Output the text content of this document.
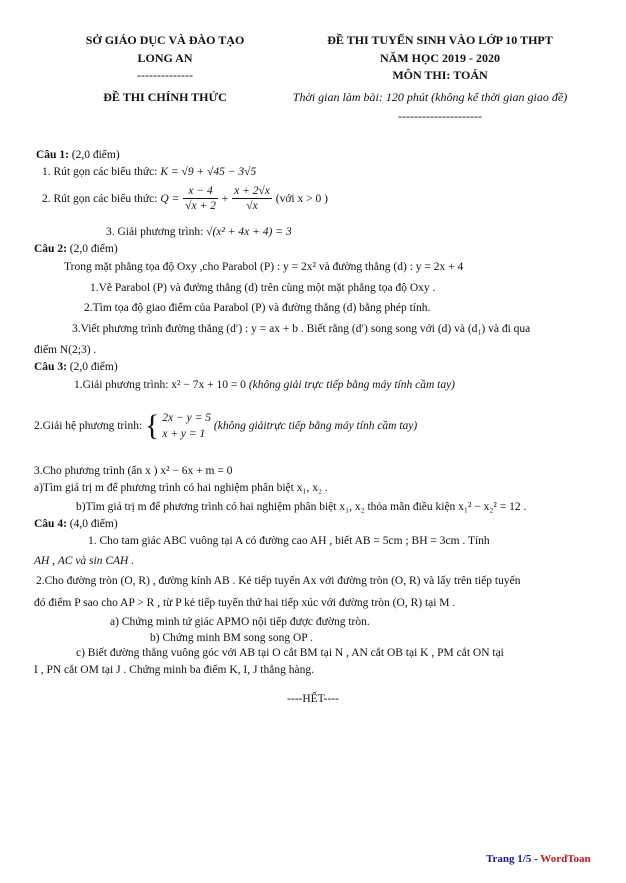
SỞ GIÁO DỤC VÀ ĐÀO TẠO
LONG AN
--------------
ĐỀ THI CHÍNH THỨC
ĐỀ THI TUYỂN SINH VÀO LỚP 10 THPT
NĂM HỌC 2019 - 2020
MÔN THI: TOÁN
Thời gian làm bài: 120 phút (không kể thời gian giao đề)
---------------------
Câu 1: (2,0 điểm)
1. Rút gọn các biểu thức: K = √9 + √45 − 3√5
2. Rút gọn các biểu thức: $Q = \frac{x - 4}{√x + 2} + \frac{x + 2√x}{√x}$ (với x > 0 )
3. Giải phương trình: √(x² + 4x + 4) = 3
Câu 2: (2,0 điểm)
Trong mặt phẳng tọa độ Oxy ,cho Parabol (P) : y = 2x² và đường thẳng (d) : y = 2x + 4
1.Vẽ Parabol (P) và đường thẳng (d) trên cùng một mặt phẳng tọa độ Oxy .
2.Tìm tọa độ giao điểm của Parabol (P) và đường thẳng (d) bằng phép tính.
3.Viết phương trình đường thẳng (d′) : y = ax + b . Biết rằng (d′) song song với (d) và (d₁) và đi qua
điểm N(2;3) .
Câu 3: (2,0 điểm)
1.Giải phương trình: x² − 7x + 10 = 0 (không giải trực tiếp bằng máy tính cầm tay)
2.Giải hệ phương trình: { 2x − y = 5
x + y = 1
(không giảitrực tiếp bằng máy tính cầm tay)
3.Cho phương trình (ẩn x ) x² − 6x + m = 0
a)Tìm giá trị m để phương trình có hai nghiệm phân biệt x₁, x₂ .
b)Tìm giá trị m để phương trình có hai nghiệm phân biệt x₁, x₂ thỏa mãn điều kiện x₁² − x₂² = 12 .
Câu 4: (4,0 điểm)
1. Cho tam giác ABC vuông tại A có đường cao AH , biết AB = 5cm ; BH = 3cm . Tính
AH , AC và sin CAH .
2.Cho đường tròn (O, R) , đường kính AB . Kẻ tiếp tuyến Ax với đường tròn (O, R) và lấy trên tiếp tuyến
đó điểm P sao cho AP > R , từ P kẻ tiếp tuyến thứ hai tiếp xúc với đường tròn (O, R) tại M .
a) Chứng minh tứ giác APMO nội tiếp được đường tròn.
b) Chứng minh BM song song OP .
c) Biết đường thẳng vuông góc với AB tại O cắt BM tại N , AN cắt OB tại K , PM cắt ON tại
I , PN cắt OM tại J . Chứng minh ba điểm K, I, J thẳng hàng.
----HẾT----
Trang 1/5 - WordToan
